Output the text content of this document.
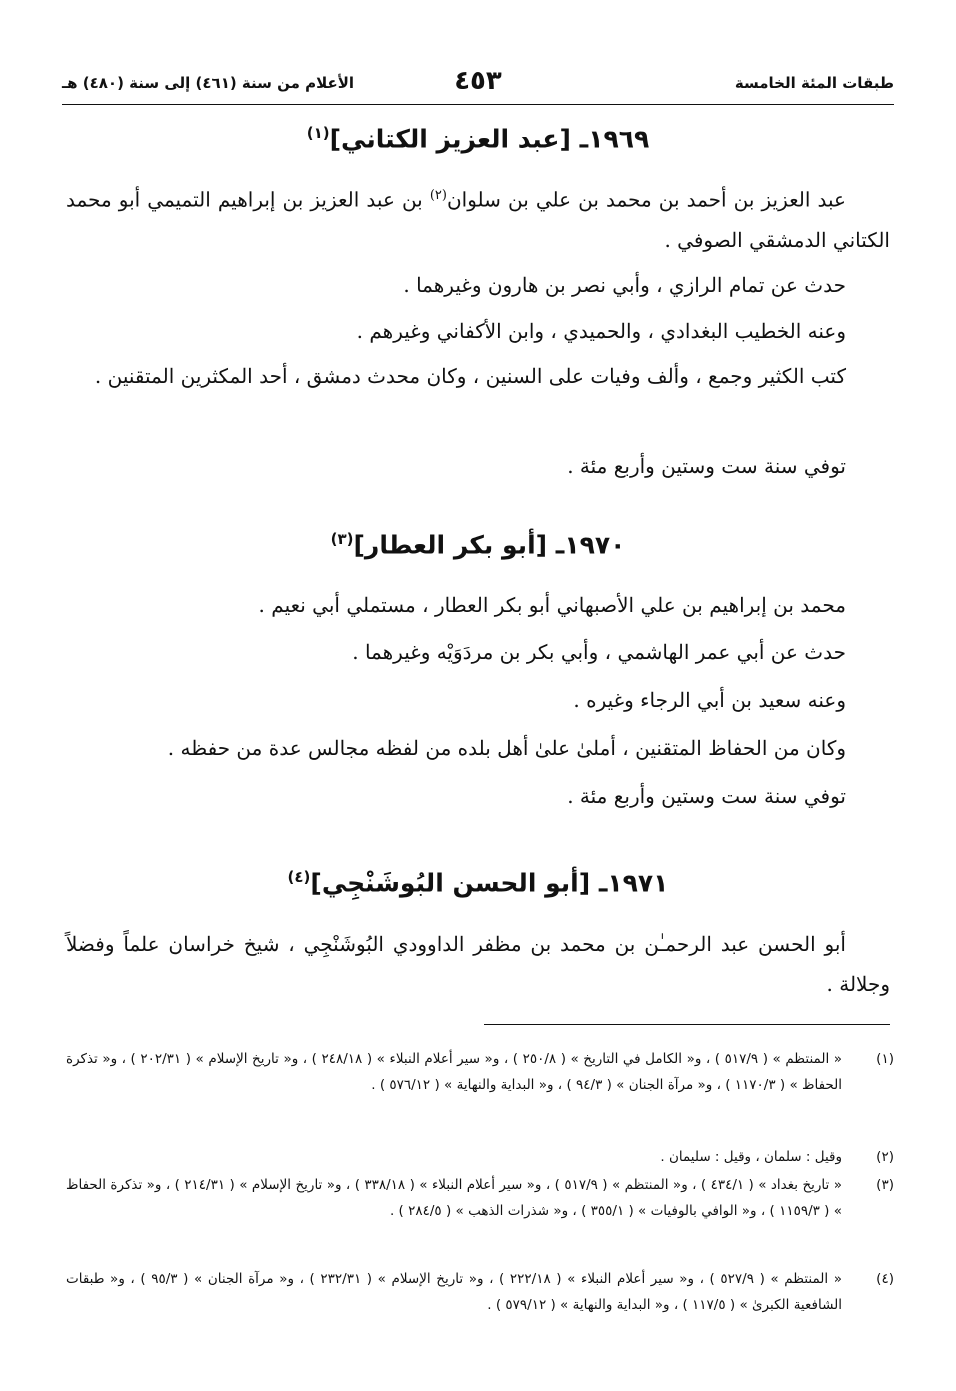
طبقات المئة الخامسة
٤٥٣
الأعلام من سنة (٤٦١) إلى سنة (٤٨٠) هـ
١٩٦٩ـ [عبد العزيز الكتاني]$^{(١)}$
عبد العزيز بن أحمد بن محمد بن علي بن سلوان$^{(٢)}$ بن عبد العزيز بن إبراهيم التميمي أبو محمد الكتاني الدمشقي الصوفي .
حدث عن تمام الرازي ، وأبي نصر بن هارون وغيرهما .
وعنه الخطيب البغدادي ، والحميدي ، وابن الأكفاني وغيرهم .
كتب الكثير وجمع ، وألف وفيات على السنين ، وكان محدث دمشق ، أحد المكثرين المتقنين .
توفي سنة ست وستين وأربع مئة .
١٩٧٠ـ [أبو بكر العطار]$^{(٣)}$
محمد بن إبراهيم بن علي الأصبهاني أبو بكر العطار ، مستملي أبي نعيم .
حدث عن أبي عمر الهاشمي ، وأبي بكر بن مردَوَيْه وغيرهما .
وعنه سعيد بن أبي الرجاء وغيره .
وكان من الحفاظ المتقنين ، أملىٰ علىٰ أهل بلده من لفظه مجالس عدة من حفظه .
توفي سنة ست وستين وأربع مئة .
١٩٧١ـ [أبو الحسن البُوشَنْجِي]$^{(٤)}$
أبو الحسن عبد الرحمـٰن بن محمد بن مظفر الداوودي البُوشَنْجِي ، شيخ خراسان علماً وفضلاً وجلالة .
(١)
« المنتظم » ( ٥١٧/٩ ) ، و« الكامل في التاريخ » ( ٢٥٠/٨ ) ، و« سير أعلام النبلاء » ( ٢٤٨/١٨ ) ، و« تاريخ الإسلام » ( ٢٠٢/٣١ ) ، و« تذكرة الحفاظ » ( ١١٧٠/٣ ) ، و« مرآة الجنان » ( ٩٤/٣ ) ، و« البداية والنهاية » ( ٥٧٦/١٢ ) .
(٢)
وقيل : سلمان ، وقيل : سليمان .
(٣)
« تاريخ بغداد » ( ٤٣٤/١ ) ، و« المنتظم » ( ٥١٧/٩ ) ، و« سير أعلام النبلاء » ( ٣٣٨/١٨ ) ، و« تاريخ الإسلام » ( ٢١٤/٣١ ) ، و« تذكرة الحفاظ » ( ١١٥٩/٣ ) ، و« الوافي بالوفيات » ( ٣٥٥/١ ) ، و« شذرات الذهب » ( ٢٨٤/٥ ) .
(٤)
« المنتظم » ( ٥٢٧/٩ ) ، و« سير أعلام النبلاء » ( ٢٢٢/١٨ ) ، و« تاريخ الإسلام » ( ٢٣٢/٣١ ) ، و« مرآة الجنان » ( ٩٥/٣ ) ، و« طبقات الشافعية الكبرىٰ » ( ١١٧/٥ ) ، و« البداية والنهاية » ( ٥٧٩/١٢ ) .
